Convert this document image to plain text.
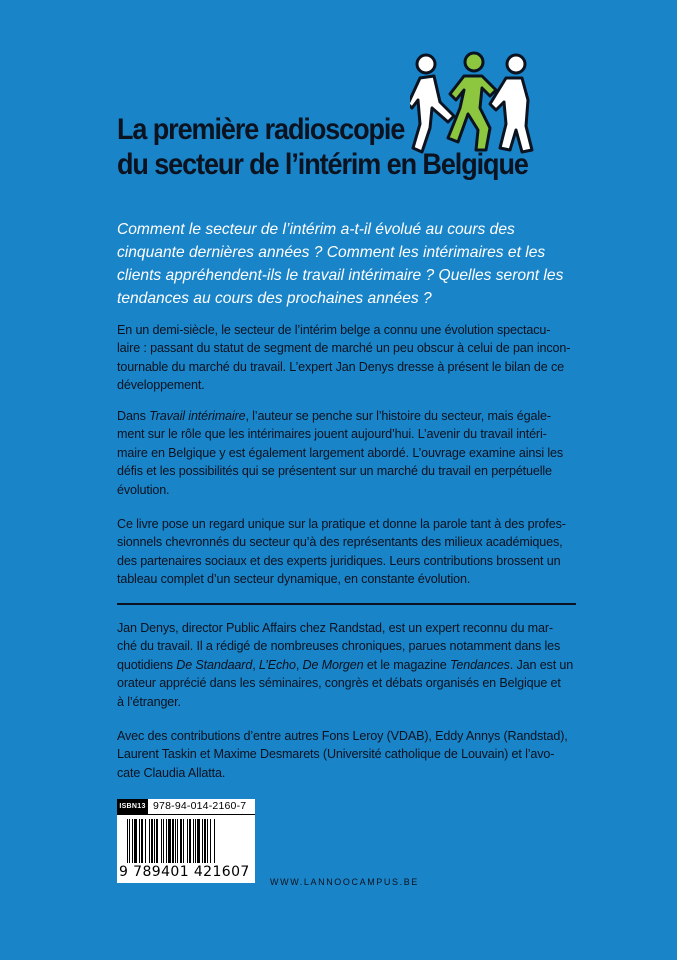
La première radioscopie
du secteur de l’intérim en Belgique

Comment le secteur de l’intérim a-t-il évolué au cours des
cinquante dernières années ? Comment les intérimaires et les
clients appréhendent-ils le travail intérimaire ? Quelles seront les
tendances au cours des prochaines années ?

En un demi-siècle, le secteur de l’intérim belge a connu une évolution spectacu-
laire : passant du statut de segment de marché un peu obscur à celui de pan incon-
tournable du marché du travail. L’expert Jan Denys dresse à présent le bilan de ce
développement.

Dans Travail intérimaire, l’auteur se penche sur l’histoire du secteur, mais égale-
ment sur le rôle que les intérimaires jouent aujourd’hui. L’avenir du travail intéri-
maire en Belgique y est également largement abordé. L’ouvrage examine ainsi les
défis et les possibilités qui se présentent sur un marché du travail en perpétuelle
évolution.

Ce livre pose un regard unique sur la pratique et donne la parole tant à des profes-
sionnels chevronnés du secteur qu’à des représentants des milieux académiques,
des partenaires sociaux et des experts juridiques. Leurs contributions brossent un
tableau complet d’un secteur dynamique, en constante évolution.

Jan Denys, director Public Affairs chez Randstad, est un expert reconnu du mar-
ché du travail. Il a rédigé de nombreuses chroniques, parues notamment dans les
quotidiens De Standaard, L’Echo, De Morgen et le magazine Tendances. Jan est un
orateur apprécié dans les séminaires, congrès et débats organisés en Belgique et
à l’étranger.

Avec des contributions d’entre autres Fons Leroy (VDAB), Eddy Annys (Randstad),
Laurent Taskin et Maxime Desmarets (Université catholique de Louvain) et l’avo-
cate Claudia Allatta.

ISBN13 978-94-014-2160-7
9 789401 421607
WWW.LANNOOCAMPUS.BE
